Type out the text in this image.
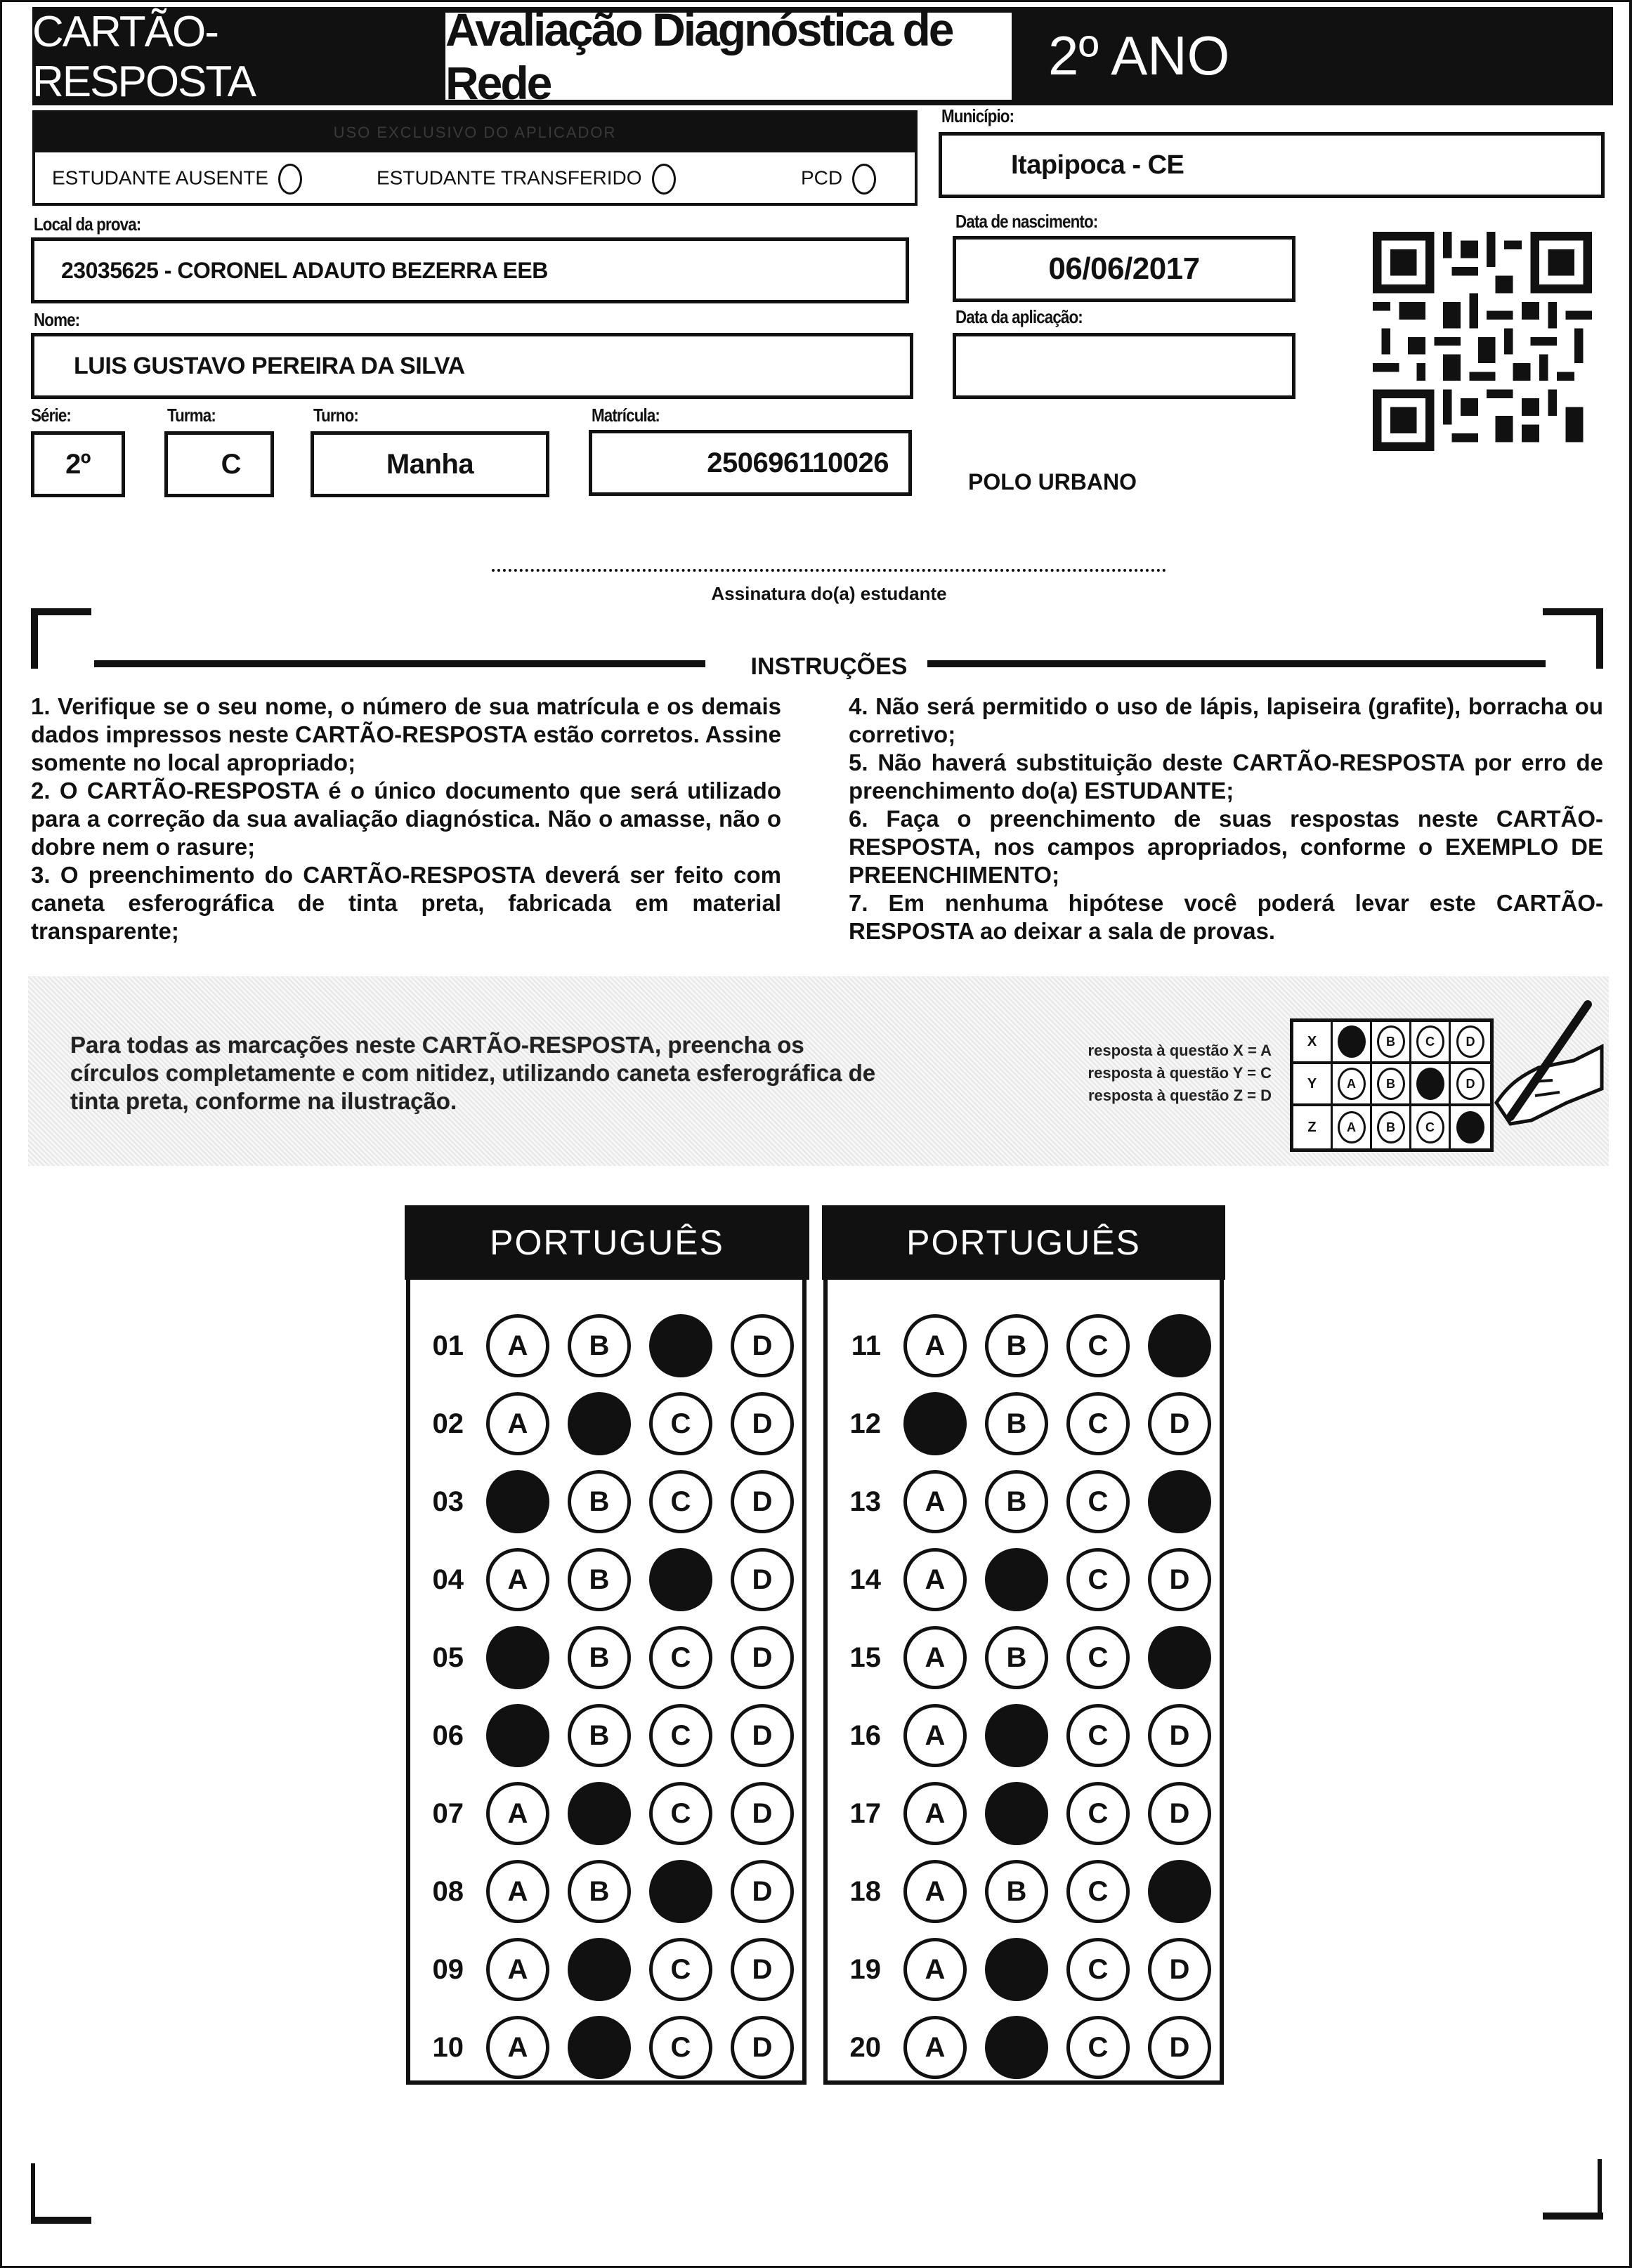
CARTÃO-RESPOSTA
Avaliação Diagnóstica de Rede	2º ANO
USO EXCLUSIVO DO APLICADOR
ESTUDANTE AUSENTE	ESTUDANTE TRANSFERIDO	PCD
Local da prova:
23035625 - CORONEL ADAUTO BEZERRA EEB
Nome:
LUIS GUSTAVO PEREIRA DA SILVA
Série:
2º
Turma:
C
Turno:
Manha
Matrícula:
250696110026
Município:
Itapipoca - CE
Data de nascimento:
06/06/2017
Data da aplicação:
POLO URBANO
Assinatura do(a) estudante
INSTRUÇÕES

1. Verifique se o seu nome, o número de sua matrícula e os demais dados impressos neste CARTÃO-RESPOSTA estão corretos. Assine somente no local apropriado;

2. O CARTÃO-RESPOSTA é o único documento que será utilizado para a correção da sua avaliação diagnóstica. Não o amasse, não o dobre nem o rasure;

3. O preenchimento do CARTÃO-RESPOSTA deverá ser feito com caneta esferográfica de tinta preta, fabricada em material transparente;

4. Não será permitido o uso de lápis, lapiseira (grafite), borracha ou corretivo;

5. Não haverá substituição deste CARTÃO-RESPOSTA por erro de preenchimento do(a) ESTUDANTE;

6. Faça o preenchimento de suas respostas neste CARTÃO-RESPOSTA, nos campos apropriados, conforme o EXEMPLO DE PREENCHIMENTO;

7. Em nenhuma hipótese você poderá levar este CARTÃO-RESPOSTA ao deixar a sala de provas.

Para todas as marcações neste CARTÃO-RESPOSTA, preencha os círculos completamente e com nitidez, utilizando caneta esferográfica de tinta preta, conforme na ilustração.
resposta à questão X = A
resposta à questão Y = C
resposta à questão Z = D
X	A	B	C	D
Y	A	B	C	D
Z	A	B	C	D
PORTUGUÊS	PORTUGUÊS
01	A	B	C	D
02	A	B	C	D
03	A	B	C	D
04	A	B	C	D
05	A	B	C	D
06	A	B	C	D
07	A	B	C	D
08	A	B	C	D
09	A	B	C	D
10	A	B	C	D
11	A	B	C	D
12	A	B	C	D
13	A	B	C	D
14	A	B	C	D
15	A	B	C	D
16	A	B	C	D
17	A	B	C	D
18	A	B	C	D
19	A	B	C	D
20	A	B	C	D
